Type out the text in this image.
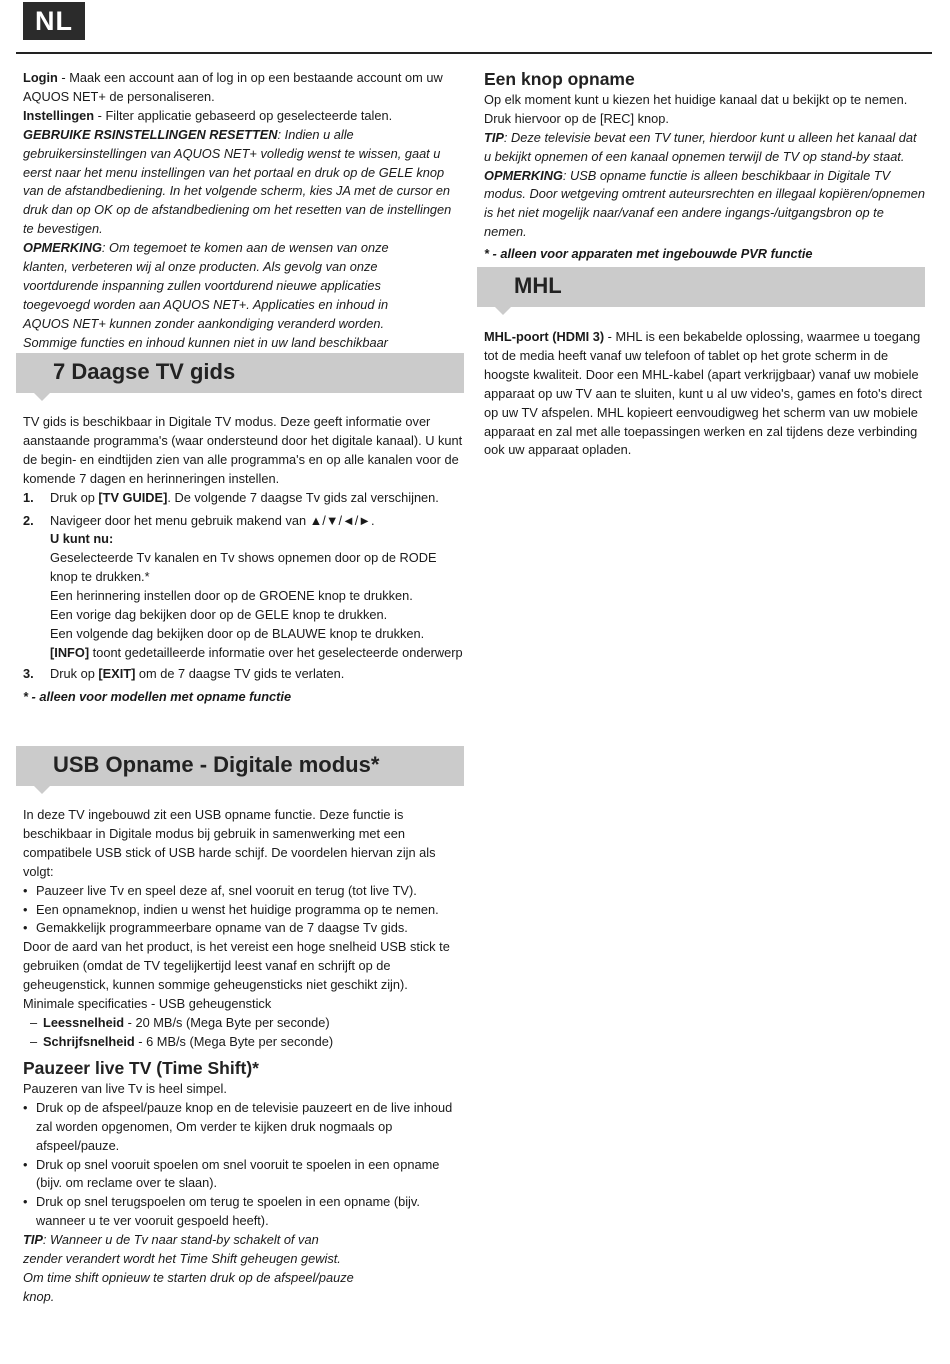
NL

Login - Maak een account aan of log in op een bestaande account om uw AQUOS NET+ de personaliseren.

Instellingen - Filter applicatie gebaseerd op geselecteerde talen.

GEBRUIKE RSINSTELLINGEN RESETTEN: Indien u alle gebruikersinstellingen van AQUOS NET+ volledig wenst te wissen, gaat u eerst naar het menu instellingen van het portaal en druk op de GELE knop van de afstandbediening. In het volgende scherm, kies JA met de cursor en druk dan op OK op de afstandbediening om het resetten van de instellingen te bevestigen.

OPMERKING: Om tegemoet te komen aan de wensen van onze klanten, verbeteren wij al onze producten. Als gevolg van onze voortdurende inspanning zullen voortdurend nieuwe applicaties toegevoegd worden aan AQUOS NET+. Applicaties en inhoud in AQUOS NET+ kunnen zonder aankondiging veranderd worden. Sommige functies en inhoud kunnen niet in uw land beschikbaar

7 Daagse TV gids

TV gids is beschikbaar in Digitale TV modus. Deze geeft informatie over aanstaande programma's (waar ondersteund door het digitale kanaal). U kunt de begin- en eindtijden zien van alle programma's en op alle kanalen voor de komende 7 dagen en herinneringen instellen.

1. Druk op [TV GUIDE]. De volgende 7 daagse Tv gids zal verschijnen.
2. Navigeer door het menu gebruik makend van ▲/▼/◄/►.

U kunt nu:

Geselecteerde Tv kanalen en Tv shows opnemen door op de RODE knop te drukken.*

Een herinnering instellen door op de GROENE knop te drukken.

Een vorige dag bekijken door op de GELE knop te drukken.

Een volgende dag bekijken door op de BLAUWE knop te drukken.

[INFO] toont gedetailleerde informatie over het geselecteerde onderwerp

3. Druk op [EXIT] om de 7 daagse TV gids te verlaten.

* - alleen voor modellen met opname functie

USB Opname - Digitale modus*

In deze TV ingebouwd zit een USB opname functie. Deze functie is beschikbaar in Digitale modus bij gebruik in samenwerking met een compatibele USB stick of USB harde schijf. De voordelen hiervan zijn als volgt:

• Pauzeer live Tv en speel deze af, snel vooruit en terug (tot live TV).
• Een opnameknop, indien u wenst het huidige programma op te nemen.
• Gemakkelijk programmeerbare opname van de 7 daagse Tv gids.

Door de aard van het product, is het vereist een hoge snelheid USB stick te gebruiken (omdat de TV tegelijkertijd leest vanaf en schrijft op de geheugenstick, kunnen sommige geheugensticks niet geschikt zijn).

Minimale specificaties - USB geheugenstick

– Leessnelheid - 20 MB/s (Mega Byte per seconde)
– Schrijfsnelheid - 6 MB/s (Mega Byte per seconde)
Pauzeer live TV (Time Shift)*

Pauzeren van live Tv is heel simpel.

• Druk op de afspeel/pauze knop en de televisie pauzeert en de live inhoud zal worden opgenomen, Om verder te kijken druk nogmaals op afspeel/pauze.
• Druk op snel vooruit spoelen om snel vooruit te spoelen in een opname (bijv. om reclame over te slaan).
• Druk op snel terugspoelen om terug te spoelen in een opname (bijv. wanneer u te ver vooruit gespoeld heeft).

TIP: Wanneer u de Tv naar stand-by schakelt of van zender verandert wordt het Time Shift geheugen gewist. Om time shift opnieuw te starten druk op de afspeel/pauze knop.

Een knop opname

Op elk moment kunt u kiezen het huidige kanaal dat u bekijkt op te nemen. Druk hiervoor op de [REC] knop.

TIP: Deze televisie bevat een TV tuner, hierdoor kunt u alleen het kanaal dat u bekijkt opnemen of een kanaal opnemen terwijl de TV op stand-by staat.

OPMERKING: USB opname functie is alleen beschikbaar in Digitale TV modus. Door wetgeving omtrent auteursrechten en illegaal kopiëren/opnemen is het niet mogelijk naar/vanaf een andere ingangs-/uitgangsbron op te nemen.

* - alleen voor apparaten met ingebouwde PVR functie

MHL

MHL-poort (HDMI 3) - MHL is een bekabelde oplossing, waarmee u toegang tot de media heeft vanaf uw telefoon of tablet op het grote scherm in de hoogste kwaliteit. Door een MHL-kabel (apart verkrijgbaar) vanaf uw mobiele apparaat op uw TV aan te sluiten, kunt u al uw video's, games en foto's direct op uw TV afspelen. MHL kopieert eenvoudigweg het scherm van uw mobiele apparaat en zal met alle toepassingen werken en zal tijdens deze verbinding ook uw apparaat opladen.
